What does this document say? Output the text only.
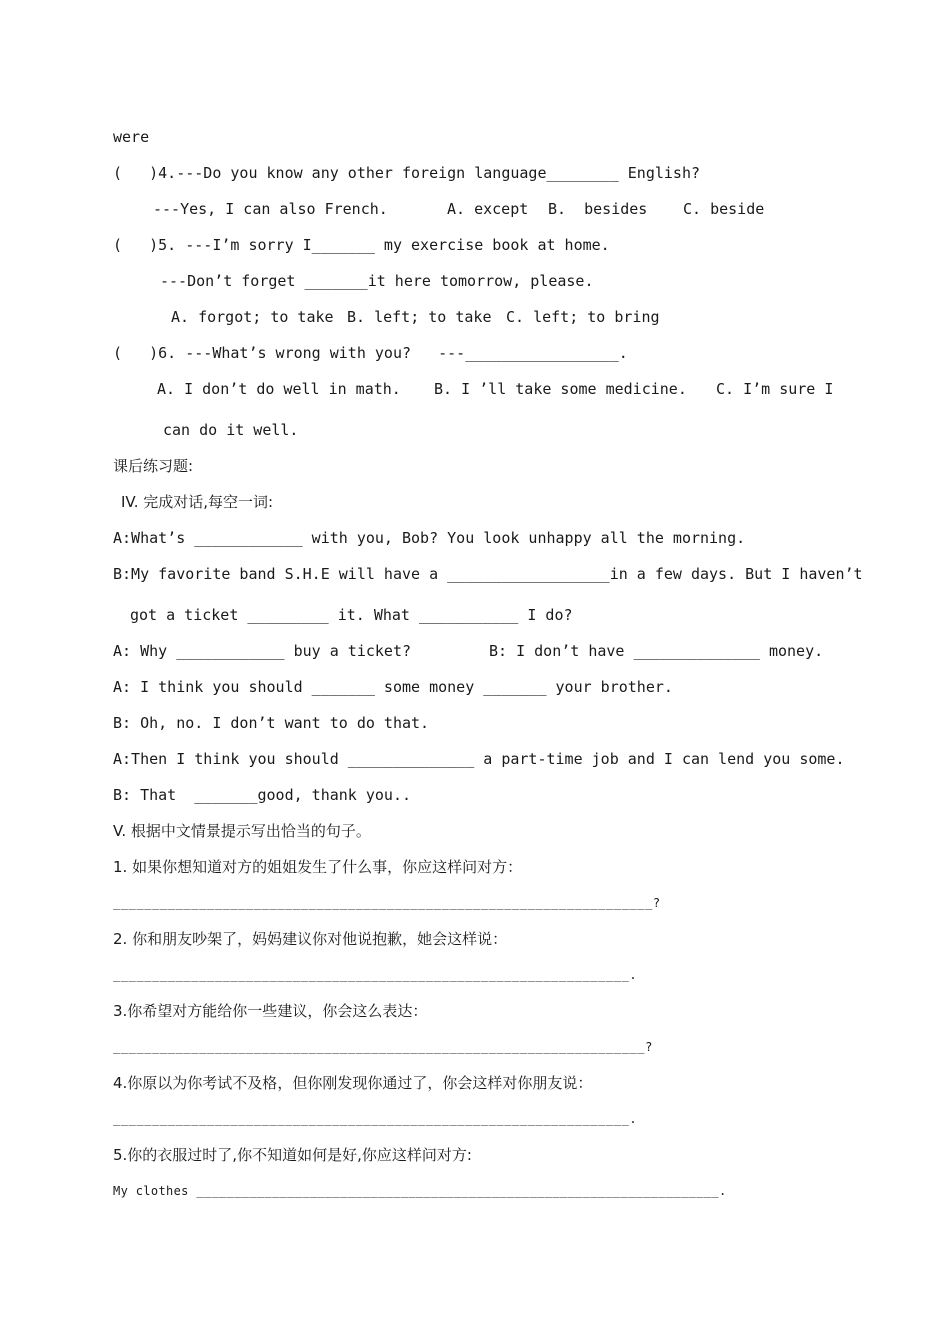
were
(   )4.---Do you know any other foreign language________ English?
---Yes, I can also French.	A. except B.  besides C. beside
(   )5. ---I’m sorry I_______ my exercise book at home.
---Don’t forget _______it here tomorrow, please.
A. forgot; to take B. left; to take C. left; to bring
(   )6. ---What’s wrong with you?   ---_________________.
A. I don’t do well in math. B. I ’ll take some medicine. C. I’m sure I
can do it well.
课后练习题:
IV. 完成对话,每空一词:
A:What’s ____________ with you, Bob? You look unhappy all the morning.
B:My favorite band S.H.E will have a __________________in a few days. But I haven’t
got a ticket _________ it. What ___________ I do?
A: Why ____________ buy a ticket?	B: I don’t have ______________ money.
A: I think you should _______ some money _______ your brother.
B: Oh, no. I don’t want to do that.
A:Then I think you should ______________ a part-time job and I can lend you some.
B: That  _______good, thank you..
V. 根据中文情景提示写出恰当的句子。
1. 如果你想知道对方的姐姐发生了什么事，你应这样问对方：
_____________________________________________________________________?
2. 你和朋友吵架了，妈妈建议你对他说抱歉，她会这样说：
__________________________________________________________________.
3.你希望对方能给你一些建议，你会这么表达：
____________________________________________________________________?
4.你原以为你考试不及格，但你刚发现你通过了，你会这样对你朋友说：
__________________________________________________________________.
5.你的衣服过时了,你不知道如何是好,你应这样问对方:
My clothes _____________________________________________________________________.
